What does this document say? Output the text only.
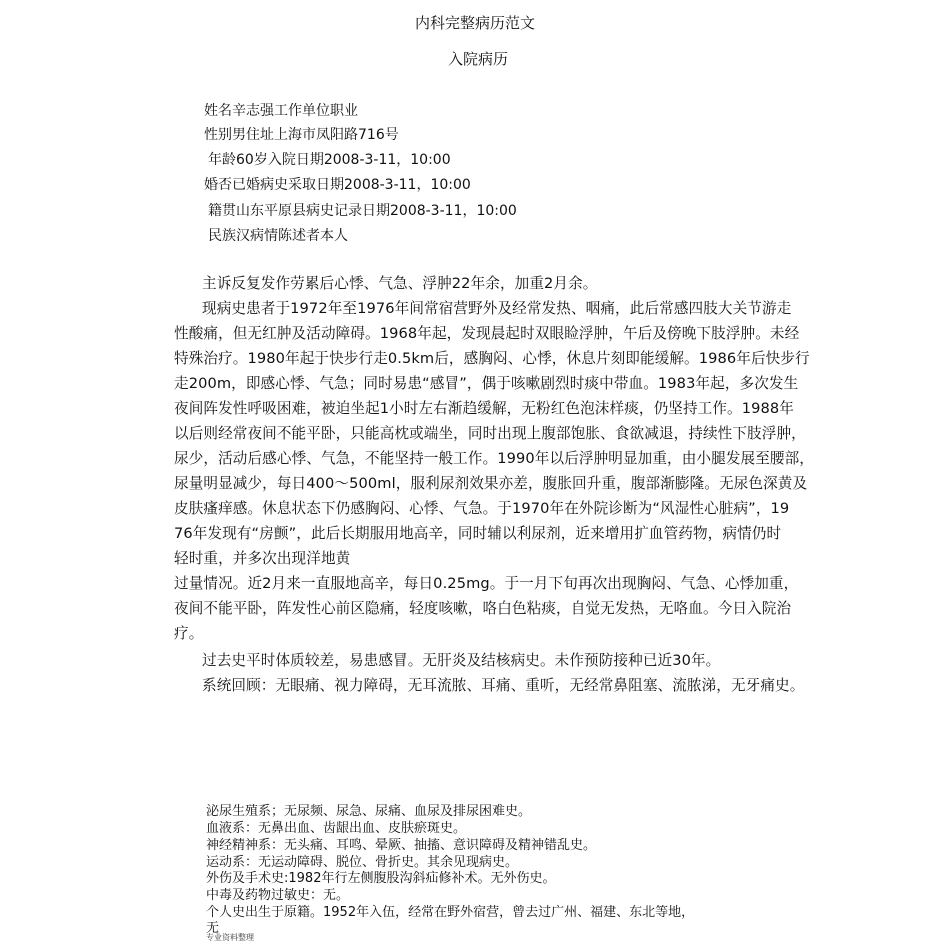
内科完整病历范文
入院病历
姓名辛志强工作单位职业
性别男住址上海市凤阳路716号
年龄60岁入院日期2008-3-11，10:00
婚否已婚病史采取日期2008-3-11，10:00
籍贯山东平原县病史记录日期2008-3-11，10:00
民族汉病情陈述者本人
主诉反复发作劳累后心悸、气急、浮肿22年余，加重2月余。
现病史患者于1972年至1976年间常宿营野外及经常发热、咽痛，此后常感四肢大关节游走
性酸痛，但无红肿及活动障碍。1968年起，发现晨起时双眼睑浮肿，午后及傍晚下肢浮肿。未经
特殊治疗。1980年起于快步行走0.5km后，感胸闷、心悸，休息片刻即能缓解。1986年后快步行
走200m，即感心悸、气急；同时易患“感冒”，偶于咳嗽剧烈时痰中带血。1983年起，多次发生
夜间阵发性呼吸困难，被迫坐起1小时左右渐趋缓解，无粉红色泡沫样痰，仍坚持工作。1988年
以后则经常夜间不能平卧，只能高枕或端坐，同时出现上腹部饱胀、食欲减退，持续性下肢浮肿，
尿少，活动后感心悸、气急，不能坚持一般工作。1990年以后浮肿明显加重，由小腿发展至腰部，
尿量明显减少，每日400～500ml，服利尿剂效果亦差，腹胀回升重，腹部渐膨隆。无尿色深黄及
皮肤瘙痒感。休息状态下仍感胸闷、心悸、气急。于1970年在外院诊断为“风湿性心脏病”，19
76年发现有“房颤”，此后长期服用地高辛，同时辅以利尿剂，近来增用扩血管药物，病情仍时
轻时重，并多次出现洋地黄
过量情况。近2月来一直服地高辛，每日0.25mg。于一月下旬再次出现胸闷、气急、心悸加重，
夜间不能平卧，阵发性心前区隐痛，轻度咳嗽，咯白色粘痰，自觉无发热，无咯血。今日入院治
疗。
过去史平时体质较差，易患感冒。无肝炎及结核病史。未作预防接种已近30年。
系统回顾：无眼痛、视力障碍，无耳流脓、耳痛、重听，无经常鼻阻塞、流脓涕，无牙痛史。
泌尿生殖系；无尿频、尿急、尿痛、血尿及排尿困难史。
血液系：无鼻出血、齿龈出血、皮肤瘀斑史。
神经精神系：无头痛、耳鸣、晕厥、抽搐、意识障碍及精神错乱史。
运动系：无运动障碍、脱位、骨折史。其余见现病史。
外伤及手术史:1982年行左侧腹股沟斜疝修补术。无外伤史。
中毒及药物过敏史：无。
个人史出生于原籍。1952年入伍，经常在野外宿营，曾去过广州、福建、东北等地，
无
专业资料整理
